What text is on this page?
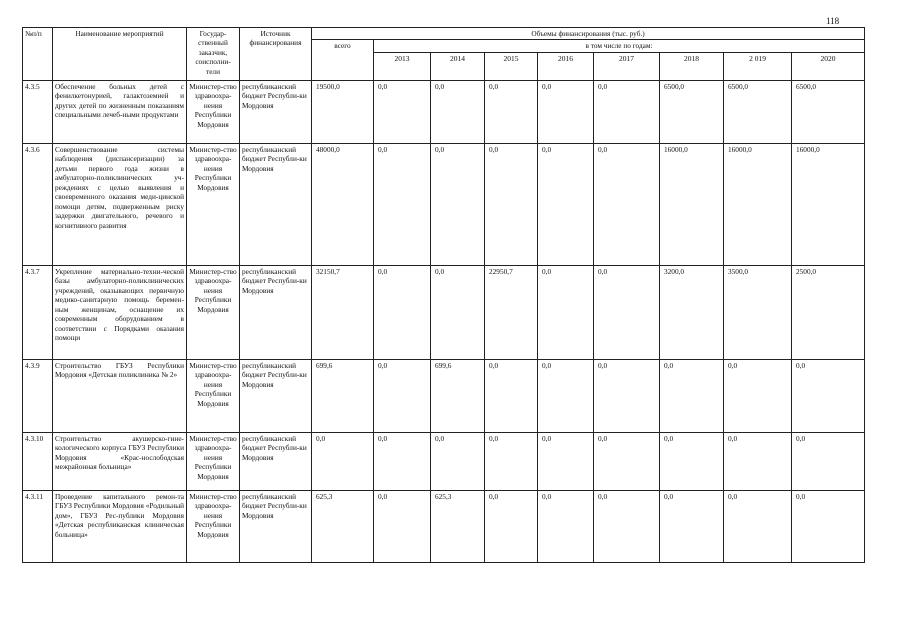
118
№п/п	Наименование мероприятий	Государ-ственный заказчик, соисполни-тели	Источник финансирования	Объемы финансирования (тыс. руб.)								
				всего	в том числе по годам:							
					2013	2014	2015	2016	2017	2018	2 019	2020
4.3.5	Обеспечение больных детей с фенилкетонурией, галактоземией и других детей по жизненным показаниям специальными лечеб-ными продуктами	Министер-ство здравоохра-нения Республики Мордовия	республиканский бюджет Республи-ки Мордовия	19500,0	0,0	0,0	0,0	0,0	0,0	6500,0	6500,0	6500,0
4.3.6	Совершенствование системы наблюдения (диспансеризации) за детьми первого года жизни в амбулаторно-поликлинических уч-реждениях с целью выявления и своевременного оказания меди-цинской помощи детям, подверженным риску задержки двигательного, речевого и когнитивного развития	Министер-ство здравоохра-нения Республики Мордовия	республиканский бюджет Республи-ки Мордовия	48000,0	0,0	0,0	0,0	0,0	0,0	16000,0	16000,0	16000,0
4.3.7	Укрепление материально-техни-ческой базы амбулаторно-поликлинических учреждений, оказывающих первичную медико-санитарную помощь беремен-ным женщинам, оснащение их современным оборудованием в соответствии с Порядками оказания помощи	Министер-ство здравоохра-нения Республики Мордовия	республиканский бюджет Республи-ки Мордовия	32150,7	0,0	0,0	22950,7	0,0	0,0	3200,0	3500,0	2500,0
4.3.9	Строительство ГБУЗ Республики Мордовия «Детская поликлиника № 2»	Министер-ство здравоохра-нения Республики Мордовия	республиканский бюджет Республи-ки Мордовия	699,6	0,0	699,6	0,0	0,0	0,0	0,0	0,0	0,0
4.3.10	Строительство акушерско-гине-кологического корпуса ГБУЗ Республики Мордовия «Крас-нослободская межрайонная больница»	Министер-ство здравоохра-нения Республики Мордовия	республиканский бюджет Республи-ки Мордовия	0,0	0,0	0,0	0,0	0,0	0,0	0,0	0,0	0,0
4.3.11	Проведение капитального ремон-та ГБУЗ Республики Мордовия «Родильный дом», ГБУЗ Рес-публики Мордовия «Детская республиканская клиническая больница»	Министер-ство здравоохра-нения Республики Мордовия	республиканский бюджет Республи-ки Мордовия	625,3	0,0	625,3	0,0	0,0	0,0	0,0	0,0	0,0
